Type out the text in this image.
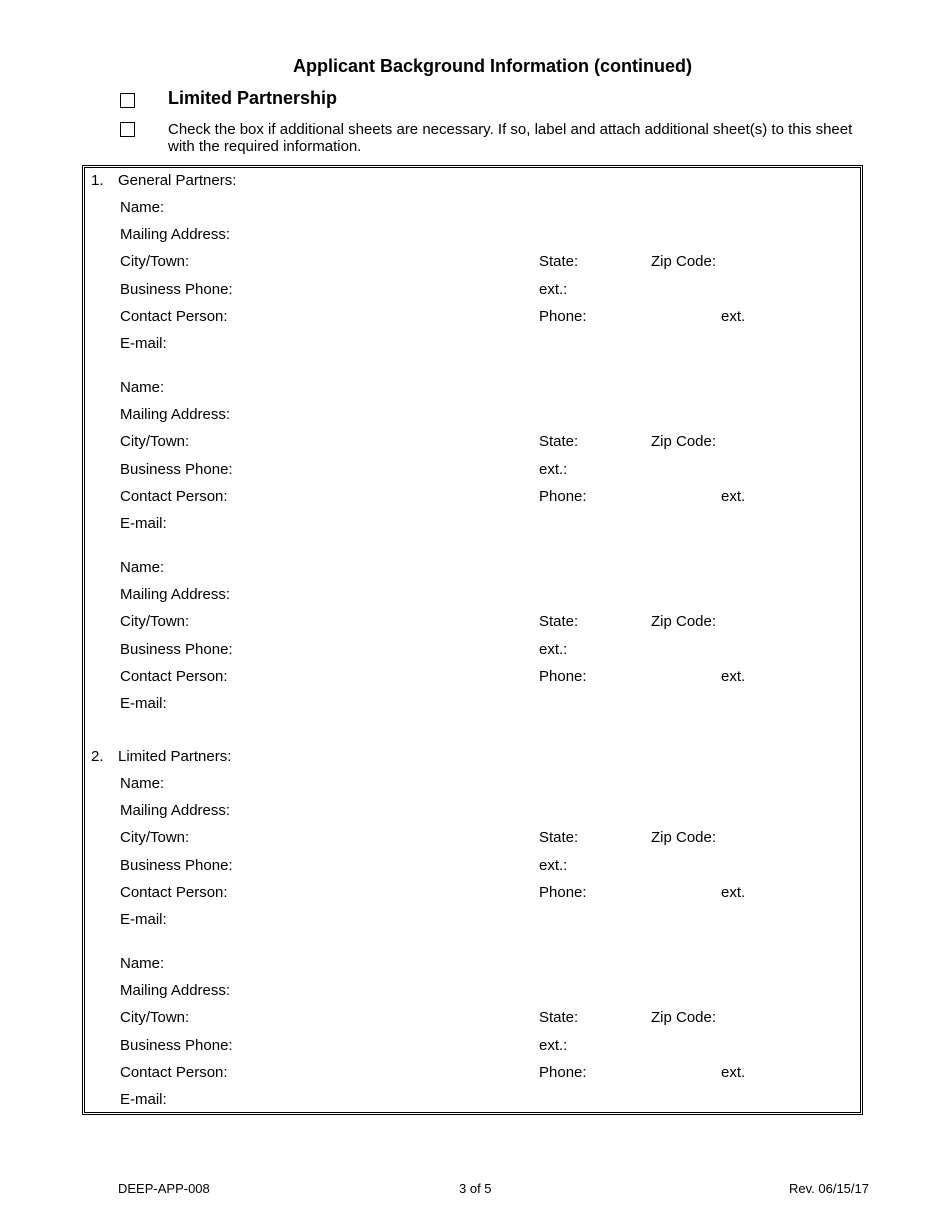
Applicant Background Information (continued)
Limited Partnership
Check the box if additional sheets are necessary. If so, label and attach additional sheet(s) to this sheet with the required information.
1. General Partners:
Name:
Mailing Address:
City/Town:	State:	Zip Code:
Business Phone:	ext.:
Contact Person:	Phone:	ext.
E-mail:
Name:
Mailing Address:
City/Town:	State:	Zip Code:
Business Phone:	ext.:
Contact Person:	Phone:	ext.
E-mail:
Name:
Mailing Address:
City/Town:	State:	Zip Code:
Business Phone:	ext.:
Contact Person:	Phone:	ext.
E-mail:
2. Limited Partners:
Name:
Mailing Address:
City/Town:	State:	Zip Code:
Business Phone:	ext.:
Contact Person:	Phone:	ext.
E-mail:
Name:
Mailing Address:
City/Town:	State:	Zip Code:
Business Phone:	ext.:
Contact Person:	Phone:	ext.
E-mail:
DEEP-APP-008	3 of 5	Rev. 06/15/17
